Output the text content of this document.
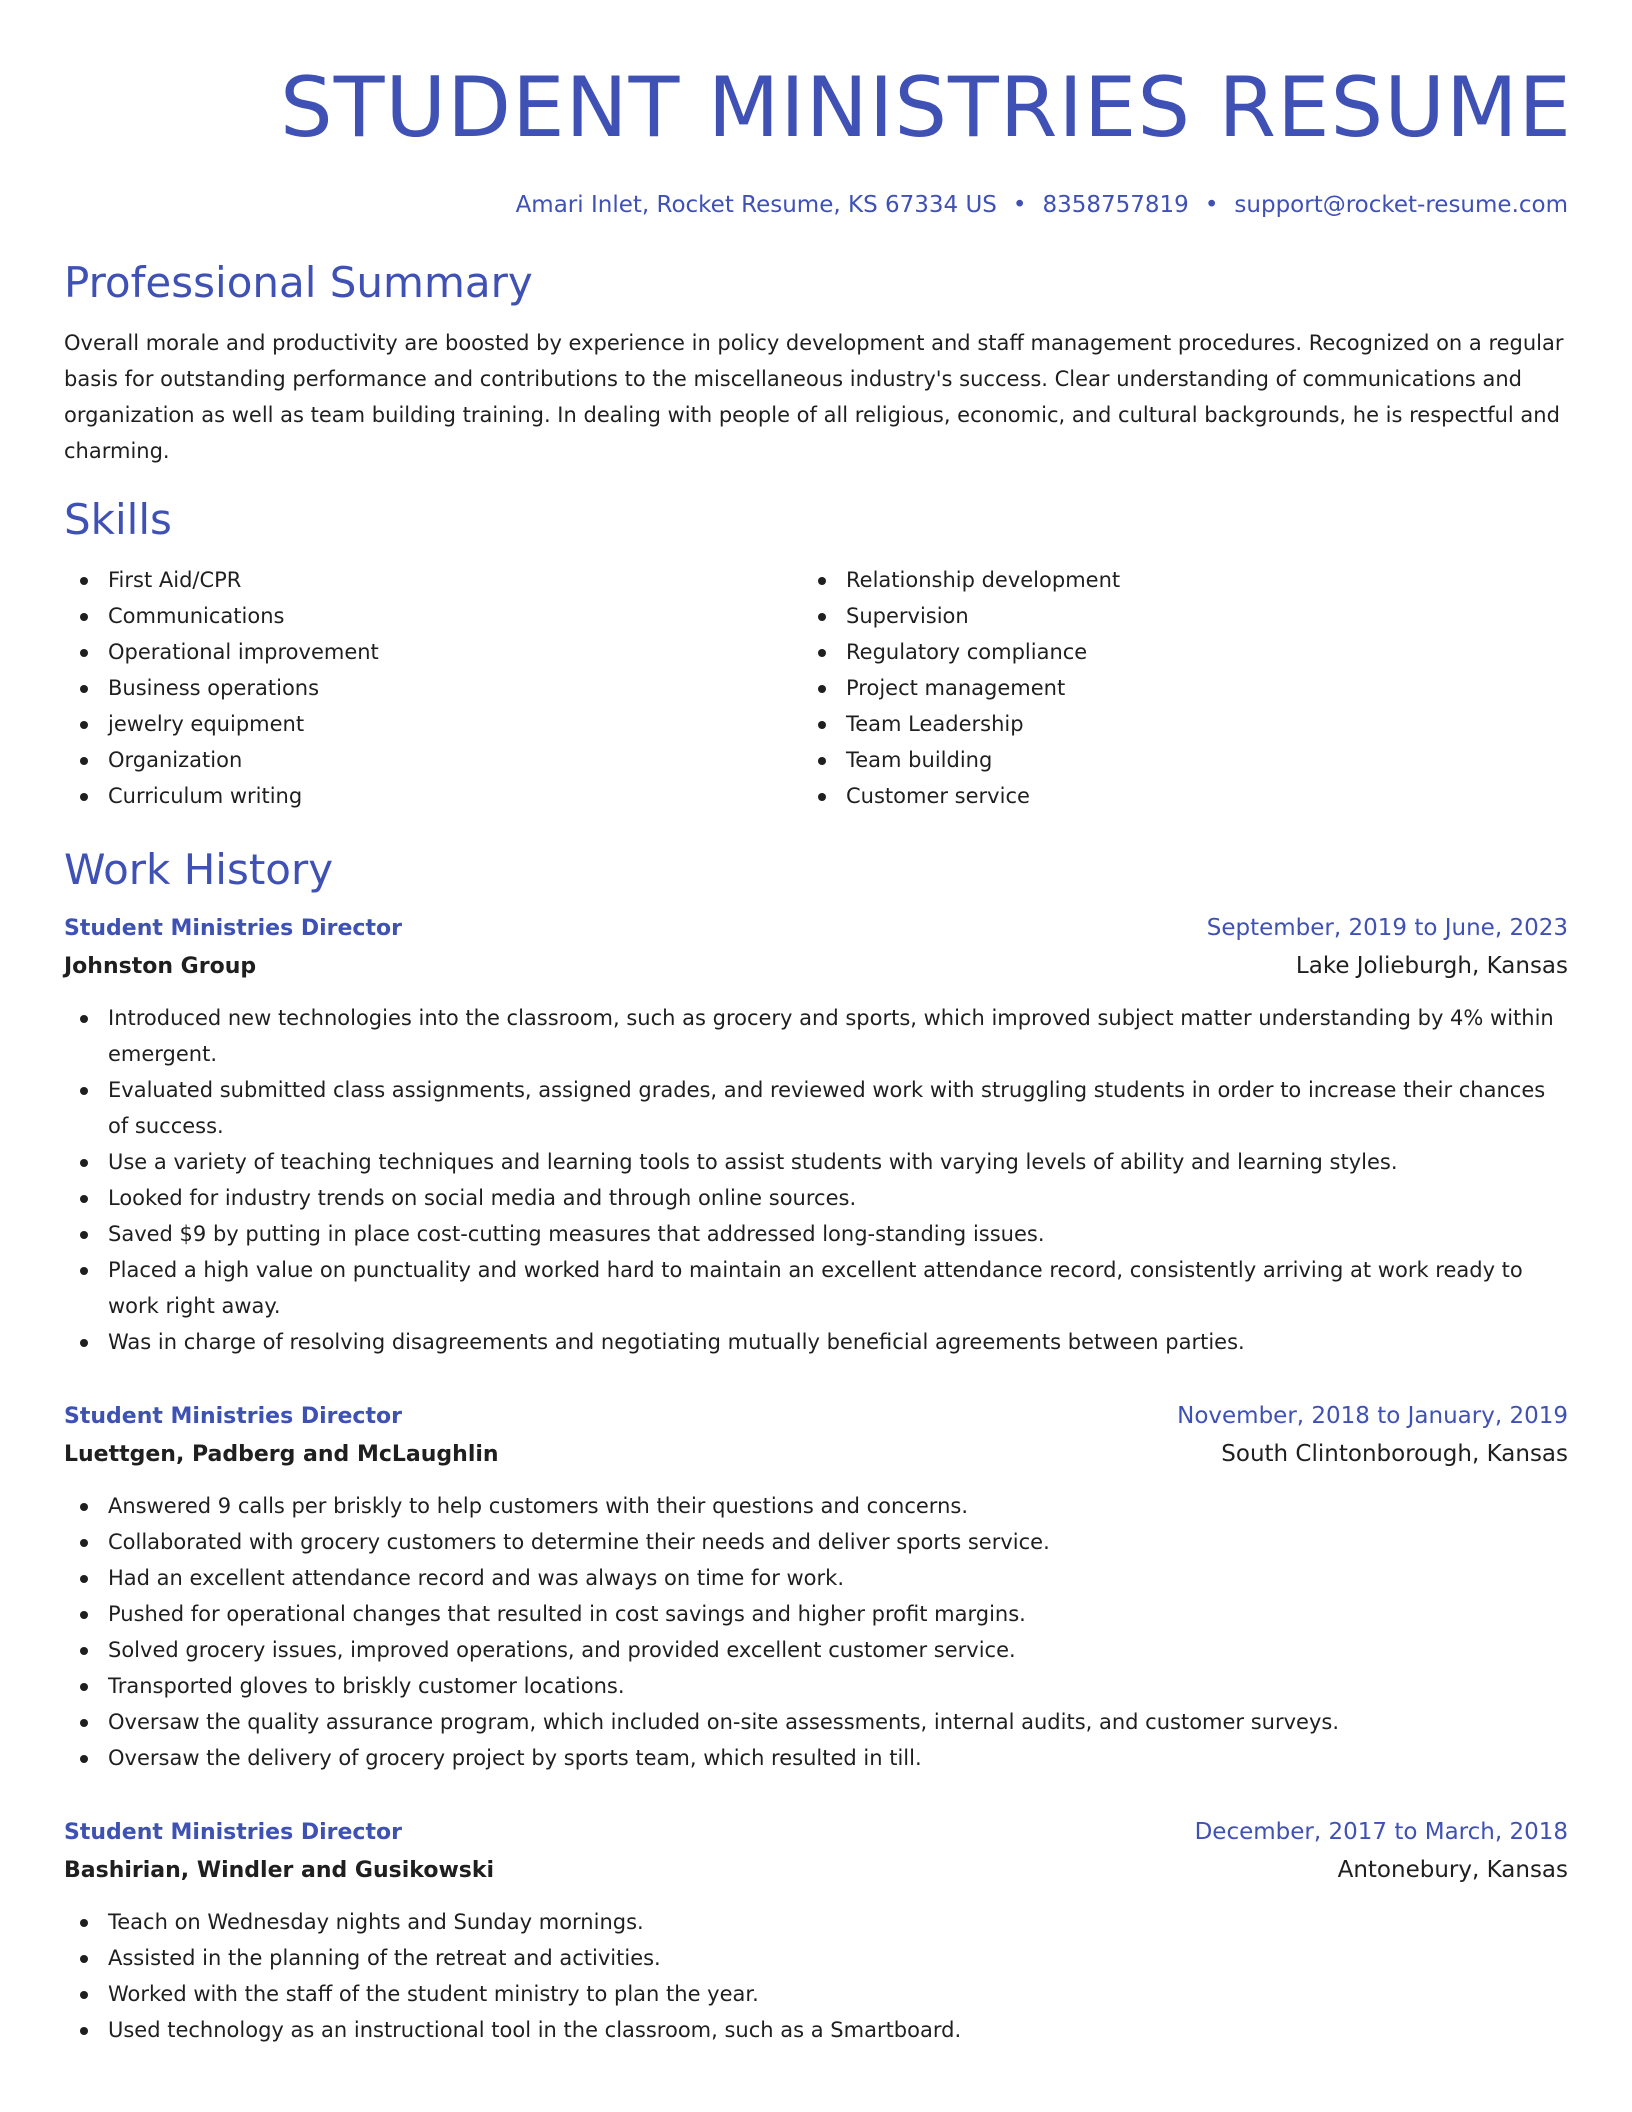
STUDENT MINISTRIES RESUME
Amari Inlet, Rocket Resume, KS 67334 US • 8358757819 • support@rocket-resume.com
Professional Summary
Overall morale and productivity are boosted by experience in policy development and staff management procedures. Recognized on a regular basis for outstanding performance and contributions to the miscellaneous industry's success. Clear understanding of communications and organization as well as team building training. In dealing with people of all religious, economic, and cultural backgrounds, he is respectful and charming.
Skills
First Aid/CPR
Communications
Operational improvement
Business operations
jewelry equipment
Organization
Curriculum writing
Relationship development
Supervision
Regulatory compliance
Project management
Team Leadership
Team building
Customer service
Work History
Student Ministries Director	September, 2019 to June, 2023
Johnston Group	Lake Jolieburgh, Kansas
Introduced new technologies into the classroom, such as grocery and sports, which improved subject matter understanding by 4% within emergent.
Evaluated submitted class assignments, assigned grades, and reviewed work with struggling students in order to increase their chances of success.
Use a variety of teaching techniques and learning tools to assist students with varying levels of ability and learning styles.
Looked for industry trends on social media and through online sources.
Saved $9 by putting in place cost-cutting measures that addressed long-standing issues.
Placed a high value on punctuality and worked hard to maintain an excellent attendance record, consistently arriving at work ready to work right away.
Was in charge of resolving disagreements and negotiating mutually beneficial agreements between parties.
Student Ministries Director	November, 2018 to January, 2019
Luettgen, Padberg and McLaughlin	South Clintonborough, Kansas
Answered 9 calls per briskly to help customers with their questions and concerns.
Collaborated with grocery customers to determine their needs and deliver sports service.
Had an excellent attendance record and was always on time for work.
Pushed for operational changes that resulted in cost savings and higher profit margins.
Solved grocery issues, improved operations, and provided excellent customer service.
Transported gloves to briskly customer locations.
Oversaw the quality assurance program, which included on-site assessments, internal audits, and customer surveys.
Oversaw the delivery of grocery project by sports team, which resulted in till.
Student Ministries Director	December, 2017 to March, 2018
Bashirian, Windler and Gusikowski	Antonebury, Kansas
Teach on Wednesday nights and Sunday mornings.
Assisted in the planning of the retreat and activities.
Worked with the staff of the student ministry to plan the year.
Used technology as an instructional tool in the classroom, such as a Smartboard.
